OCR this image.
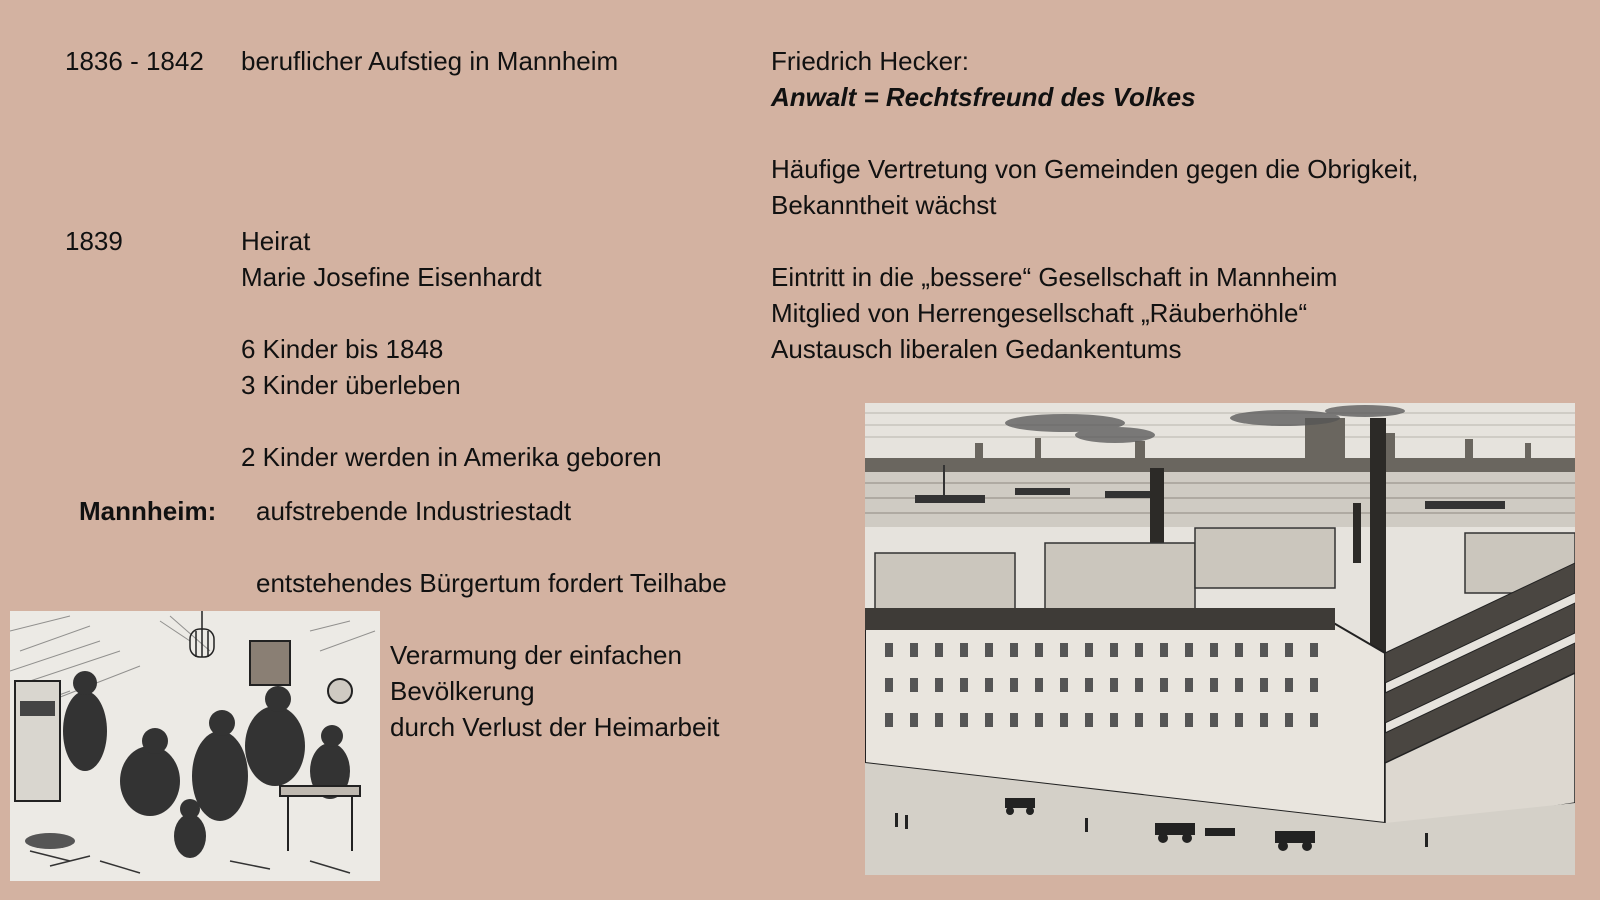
1836 - 1842 beruflicher Aufstieg in Mannheim
1839	Heirat
Marie Josefine Eisenhardt
6 Kinder bis 1848
3 Kinder überleben
2 Kinder werden in Amerika geboren
Friedrich Hecker:
Anwalt = Rechtsfreund des Volkes
Häufige Vertretung von Gemeinden gegen die Obrigkeit,
Bekanntheit wächst
Eintritt in die „bessere“ Gesellschaft in Mannheim
Mitglied von Herrengesellschaft „Räuberhöhle“
Austausch liberalen Gedankentums
Mannheim: aufstrebende Industriestadt
entstehendes Bürgertum fordert Teilhabe
Verarmung der einfachen
Bevölkerung
durch Verlust der Heimarbeit
